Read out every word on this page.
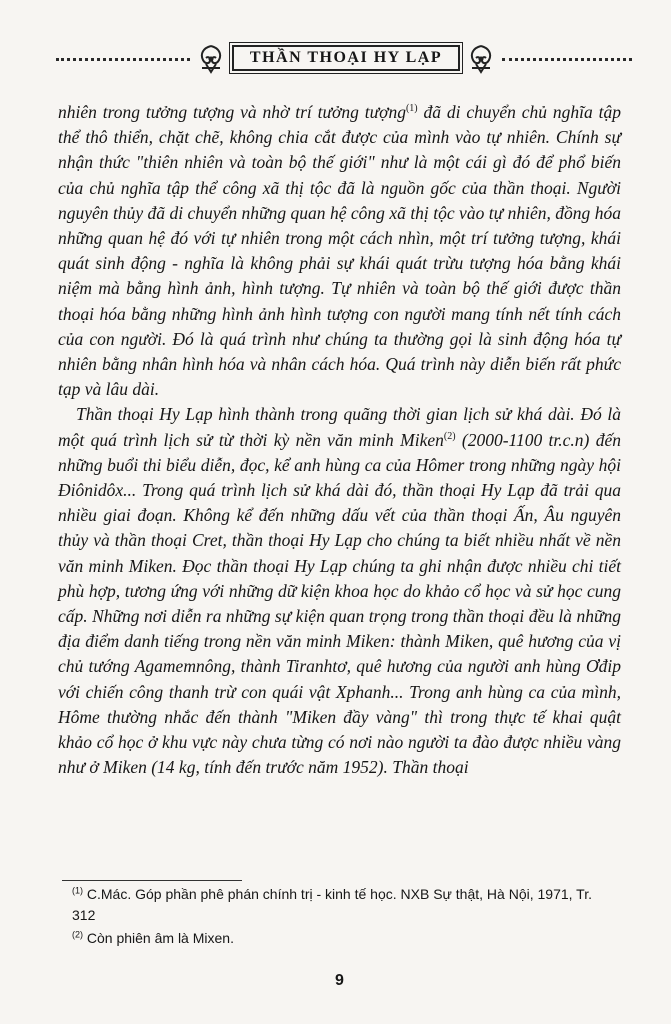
THẦN THOẠI HY LẠP

nhiên trong tưởng tượng và nhờ trí tưởng tượng$^{(1)}$ đã di chuyển chủ nghĩa tập thể thô thiển, chặt chẽ, không chia cắt được của mình vào tự nhiên. Chính sự nhận thức "thiên nhiên và toàn bộ thế giới" như là một cái gì đó để phổ biến của chủ nghĩa tập thể công xã thị tộc đã là nguồn gốc của thần thoại. Người nguyên thủy đã di chuyển những quan hệ công xã thị tộc vào tự nhiên, đồng hóa những quan hệ đó với tự nhiên trong một cách nhìn, một trí tưởng tượng, khái quát sinh động - nghĩa là không phải sự khái quát trừu tượng hóa bằng khái niệm mà bằng hình ảnh, hình tượng. Tự nhiên và toàn bộ thế giới được thần thoại hóa bằng những hình ảnh hình tượng con người mang tính nết tính cách của con người. Đó là quá trình như chúng ta thường gọi là sinh động hóa tự nhiên bằng nhân hình hóa và nhân cách hóa. Quá trình này diễn biến rất phức tạp và lâu dài.

Thần thoại Hy Lạp hình thành trong quãng thời gian lịch sử khá dài. Đó là một quá trình lịch sử từ thời kỳ nền văn minh Miken$^{(2)}$ (2000-1100 tr.c.n) đến những buổi thi biểu diễn, đọc, kể anh hùng ca của Hômer trong những ngày hội Điônidôx... Trong quá trình lịch sử khá dài đó, thần thoại Hy Lạp đã trải qua nhiều giai đoạn. Không kể đến những dấu vết của thần thoại Ấn, Âu nguyên thủy và thần thoại Cret, thần thoại Hy Lạp cho chúng ta biết nhiều nhất về nền văn minh Miken. Đọc thần thoại Hy Lạp chúng ta ghi nhận được nhiều chi tiết phù hợp, tương ứng với những dữ kiện khoa học do khảo cổ học và sử học cung cấp. Những nơi diễn ra những sự kiện quan trọng trong thần thoại đều là những địa điểm danh tiếng trong nền văn minh Miken: thành Miken, quê hương của vị chủ tướng Agamemnông, thành Tiranhtơ, quê hương của người anh hùng Ơđip với chiến công thanh trừ con quái vật Xphanh... Trong anh hùng ca của mình, Hôme thường nhắc đến thành "Miken đầy vàng" thì trong thực tế khai quật khảo cổ học ở khu vực này chưa từng có nơi nào người ta đào được nhiều vàng như ở Miken (14 kg, tính đến trước năm 1952). Thần thoại

$^{(1)}$ C.Mác. Góp phần phê phán chính trị - kinh tế học. NXB Sự thật, Hà Nội, 1971, Tr. 312

$^{(2)}$ Còn phiên âm là Mixen.

9
